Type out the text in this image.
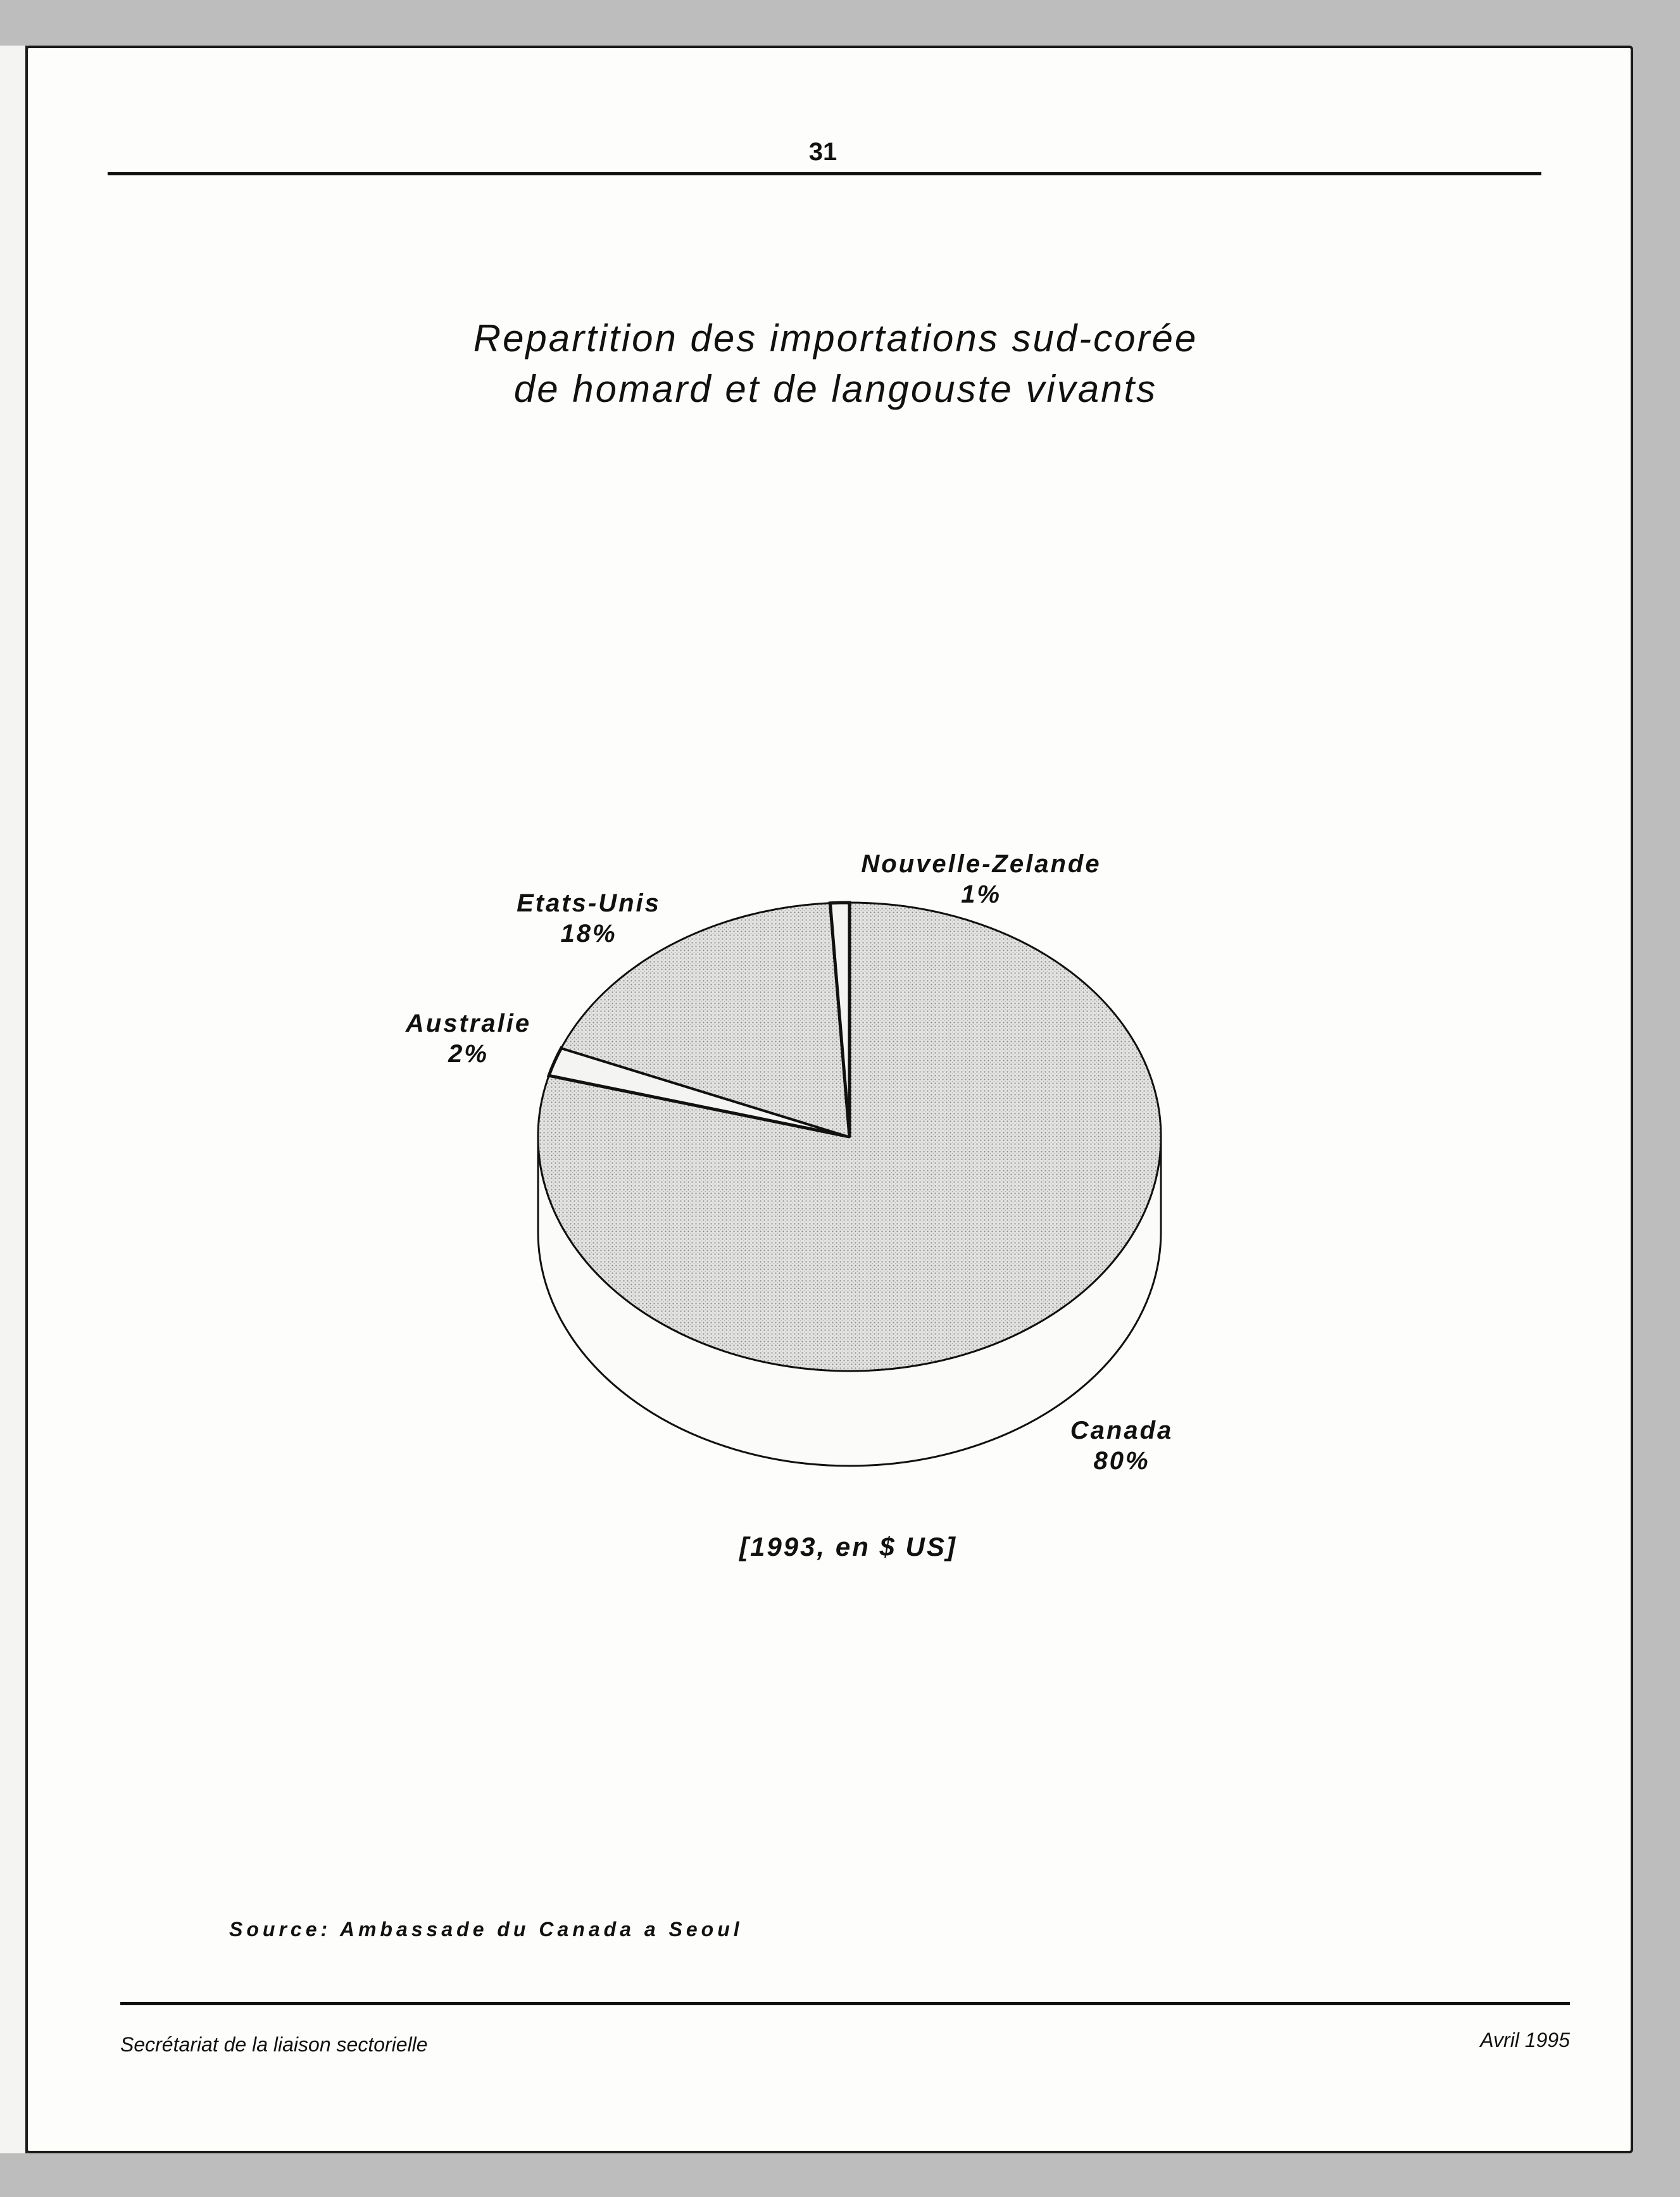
31
Repartition des importations sud-corée
de homard et de langouste vivants
Canada
80%
Australie
2%
Etats-Unis
18%
Nouvelle-Zelande
1%
[1993, en $ US]
Source: Ambassade du Canada a Seoul
Secrétariat de la liaison sectorielle	Avril 1995
